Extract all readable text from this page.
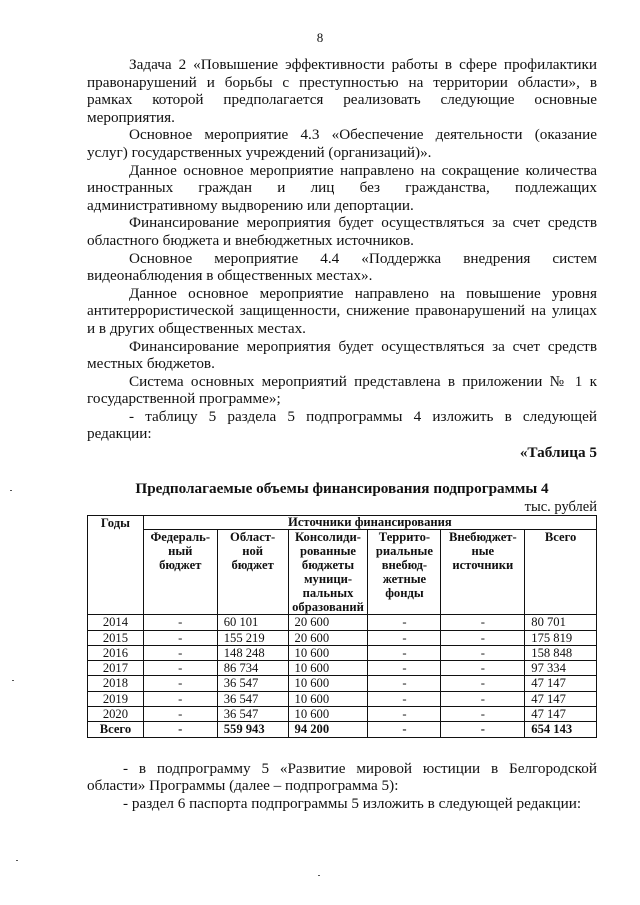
8

Задача 2 «Повышение эффективности работы в сфере профилактики правонарушений и борьбы с преступностью на территории области», в рамках которой предполагается реализовать следующие основные мероприятия.

Основное мероприятие 4.3 «Обеспечение деятельности (оказание услуг) государственных учреждений (организаций)».

Данное основное мероприятие направлено на сокращение количества иностранных граждан и лиц без гражданства, подлежащих административному выдворению или депортации.

Финансирование мероприятия будет осуществляться за счет средств областного бюджета и внебюджетных источников.

Основное мероприятие 4.4 «Поддержка внедрения систем видеонаблюдения в общественных местах».

Данное основное мероприятие направлено на повышение уровня антитеррористической защищенности, снижение правонарушений на улицах и в других общественных местах.

Финансирование мероприятия будет осуществляться за счет средств местных бюджетов.

Система основных мероприятий представлена в приложении № 1 к государственной программе»;

- таблицу 5 раздела 5 подпрограммы 4 изложить в следующей редакции:

«Таблица 5
Предполагаемые объемы финансирования подпрограммы 4
тыс. рублей
Годы	Источники финансирования					
	Федераль-ный бюджет	Област-ной бюджет	Консолиди-рованные бюджеты муници-пальных образований	Террито-риальные внебюд-жетные фонды	Внебюджет-ные источники	Всего
2014	-	60 101	20 600	-	-	80 701
2015	-	155 219	20 600	-	-	175 819
2016	-	148 248	10 600	-	-	158 848
2017	-	86 734	10 600	-	-	97 334
2018	-	36 547	10 600	-	-	47 147
2019	-	36 547	10 600	-	-	47 147
2020	-	36 547	10 600	-	-	47 147
Всего	-	559 943	94 200	-	-	654 143

- в подпрограмму 5 «Развитие мировой юстиции в Белгородской области» Программы (далее – подпрограмма 5):

- раздел 6 паспорта подпрограммы 5 изложить в следующей редакции:
